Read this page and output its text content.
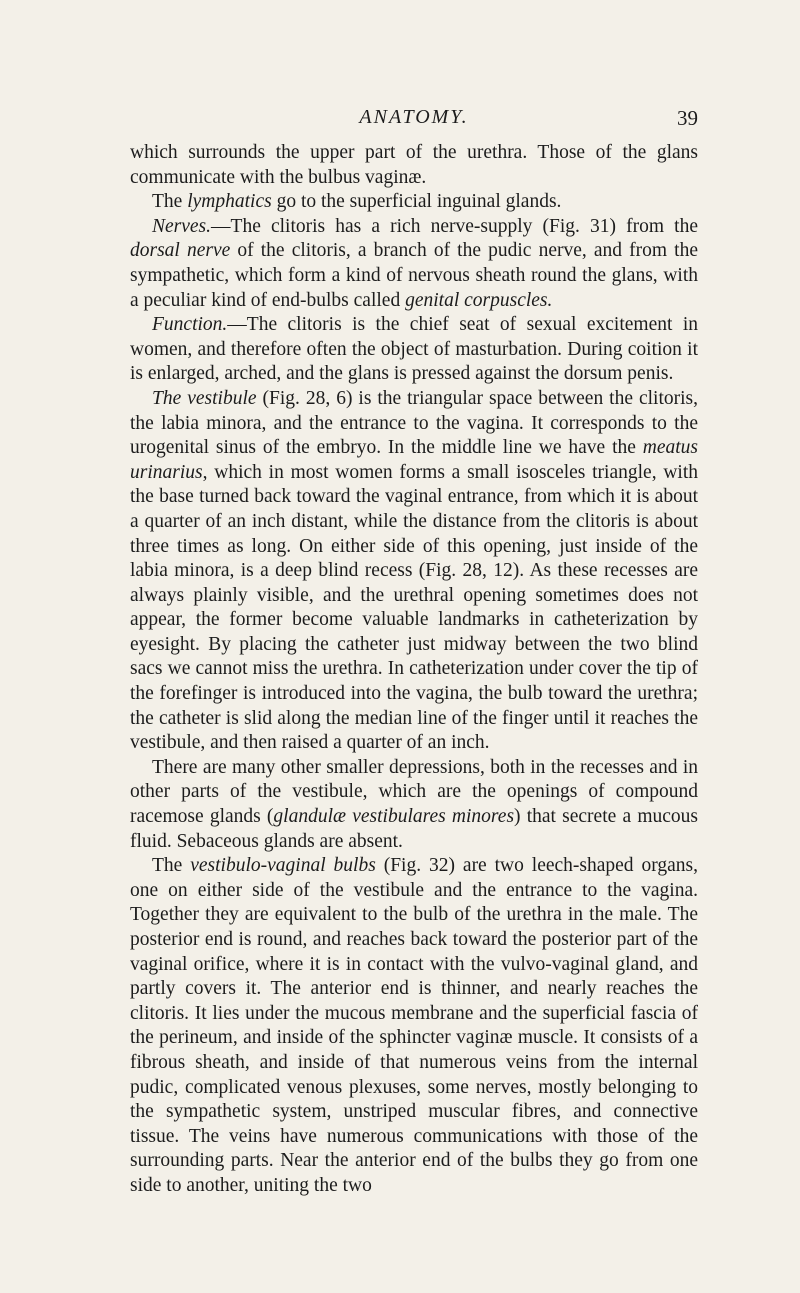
ANATOMY.	39

which surrounds the upper part of the urethra. Those of the glans communicate with the bulbus vaginæ.

The lymphatics go to the superficial inguinal glands.

Nerves.—The clitoris has a rich nerve-supply (Fig. 31) from the dorsal nerve of the clitoris, a branch of the pudic nerve, and from the sympathetic, which form a kind of nervous sheath round the glans, with a peculiar kind of end-bulbs called genital corpuscles.

Function.—The clitoris is the chief seat of sexual excitement in women, and therefore often the object of masturbation. During coition it is enlarged, arched, and the glans is pressed against the dorsum penis.

The vestibule (Fig. 28, 6) is the triangular space between the clitoris, the labia minora, and the entrance to the vagina. It corresponds to the urogenital sinus of the embryo. In the middle line we have the meatus urinarius, which in most women forms a small isosceles triangle, with the base turned back toward the vaginal entrance, from which it is about a quarter of an inch distant, while the distance from the clitoris is about three times as long. On either side of this opening, just inside of the labia minora, is a deep blind recess (Fig. 28, 12). As these recesses are always plainly visible, and the urethral opening sometimes does not appear, the former become valuable landmarks in catheterization by eyesight. By placing the catheter just midway between the two blind sacs we cannot miss the urethra. In catheterization under cover the tip of the forefinger is introduced into the vagina, the bulb toward the urethra; the catheter is slid along the median line of the finger until it reaches the vestibule, and then raised a quarter of an inch.

There are many other smaller depressions, both in the recesses and in other parts of the vestibule, which are the openings of compound racemose glands (glandulæ vestibulares minores) that secrete a mucous fluid. Sebaceous glands are absent.

The vestibulo-vaginal bulbs (Fig. 32) are two leech-shaped organs, one on either side of the vestibule and the entrance to the vagina. Together they are equivalent to the bulb of the urethra in the male. The posterior end is round, and reaches back toward the posterior part of the vaginal orifice, where it is in contact with the vulvo-vaginal gland, and partly covers it. The anterior end is thinner, and nearly reaches the clitoris. It lies under the mucous membrane and the superficial fascia of the perineum, and inside of the sphincter vaginæ muscle. It consists of a fibrous sheath, and inside of that numerous veins from the internal pudic, complicated venous plexuses, some nerves, mostly belonging to the sympathetic system, unstriped muscular fibres, and connective tissue. The veins have numerous communications with those of the surrounding parts. Near the anterior end of the bulbs they go from one side to another, uniting the two
